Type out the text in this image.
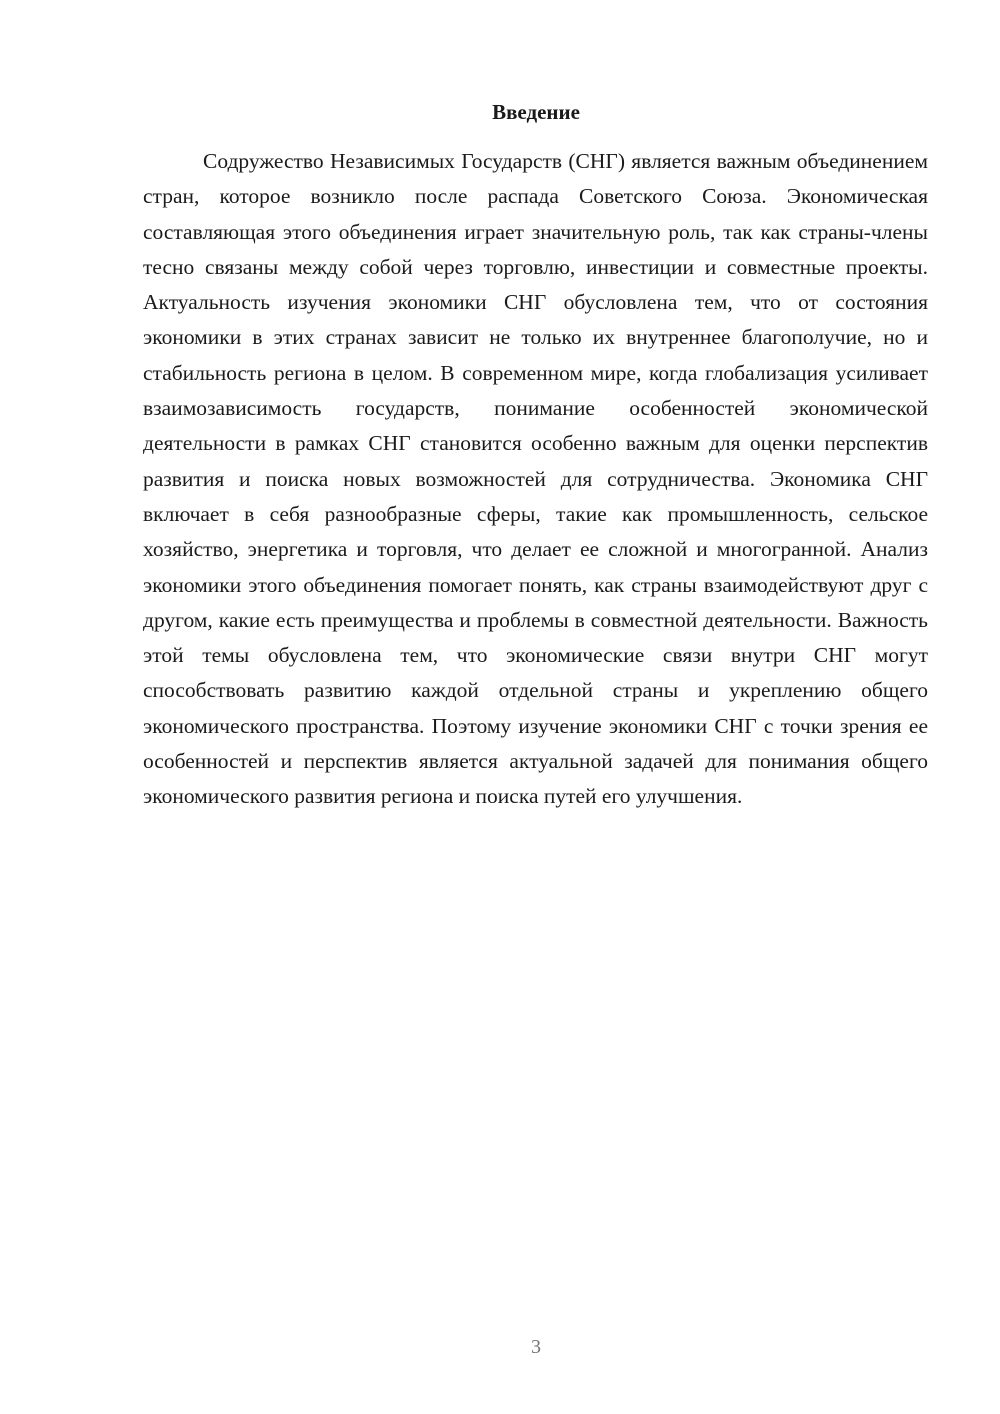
Введение

Содружество Независимых Государств (СНГ) является важным объединением стран, которое возникло после распада Советского Союза. Экономическая составляющая этого объединения играет значительную роль, так как страны-члены тесно связаны между собой через торговлю, инвестиции и совместные проекты. Актуальность изучения экономики СНГ обусловлена тем, что от состояния экономики в этих странах зависит не только их внутреннее благополучие, но и стабильность региона в целом. В современном мире, когда глобализация усиливает взаимозависимость государств, понимание особенностей экономической деятельности в рамках СНГ становится особенно важным для оценки перспектив развития и поиска новых возможностей для сотрудничества. Экономика СНГ включает в себя разнообразные сферы, такие как промышленность, сельское хозяйство, энергетика и торговля, что делает ее сложной и многогранной. Анализ экономики этого объединения помогает понять, как страны взаимодействуют друг с другом, какие есть преимущества и проблемы в совместной деятельности. Важность этой темы обусловлена тем, что экономические связи внутри СНГ могут способствовать развитию каждой отдельной страны и укреплению общего экономического пространства. Поэтому изучение экономики СНГ с точки зрения ее особенностей и перспектив является актуальной задачей для понимания общего экономического развития региона и поиска путей его улучшения.

3
